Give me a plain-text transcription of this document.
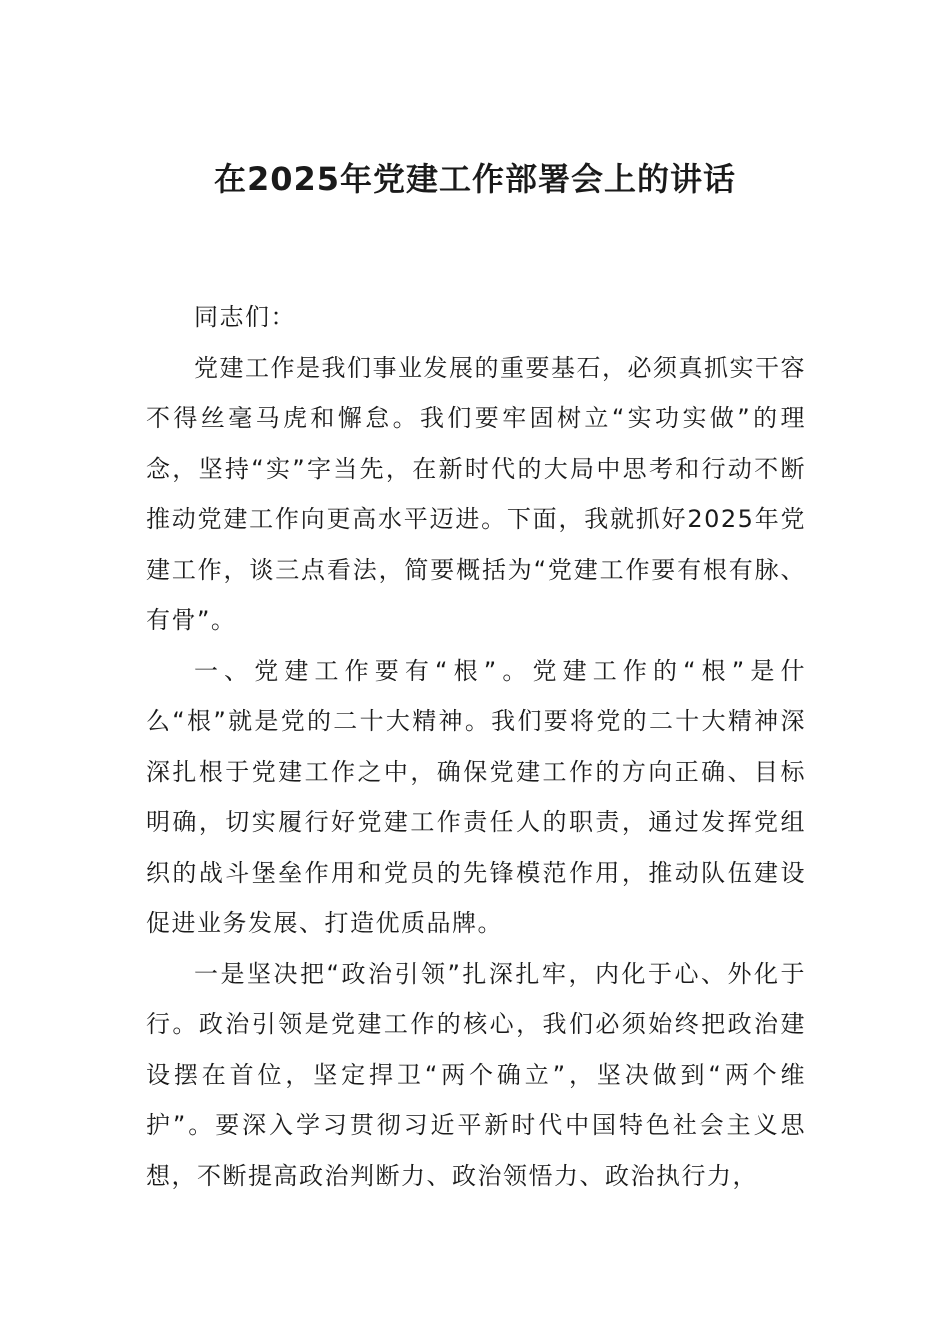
在2025年党建工作部署会上的讲话

同志们：

党建工作是我们事业发展的重要基石，必须真抓实干容不得丝毫马虎和懈怠。我们要牢固树立“实功实做”的理念，坚持“实”字当先，在新时代的大局中思考和行动不断推动党建工作向更高水平迈进。下面，我就抓好2025年党建工作，谈三点看法，简要概括为“党建工作要有根有脉、有骨”。

一、党建工作要有“根”。党建工作的“根”是什么“根”就是党的二十大精神。我们要将党的二十大精神深深扎根于党建工作之中，确保党建工作的方向正确、目标明确，切实履行好党建工作责任人的职责，通过发挥党组织的战斗堡垒作用和党员的先锋模范作用，推动队伍建设促进业务发展、打造优质品牌。

一是坚决把“政治引领”扎深扎牢，内化于心、外化于行。政治引领是党建工作的核心，我们必须始终把政治建设摆在首位，坚定捍卫“两个确立”，坚决做到“两个维护”。要深入学习贯彻习近平新时代中国特色社会主义思想，不断提高政治判断力、政治领悟力、政治执行力，
